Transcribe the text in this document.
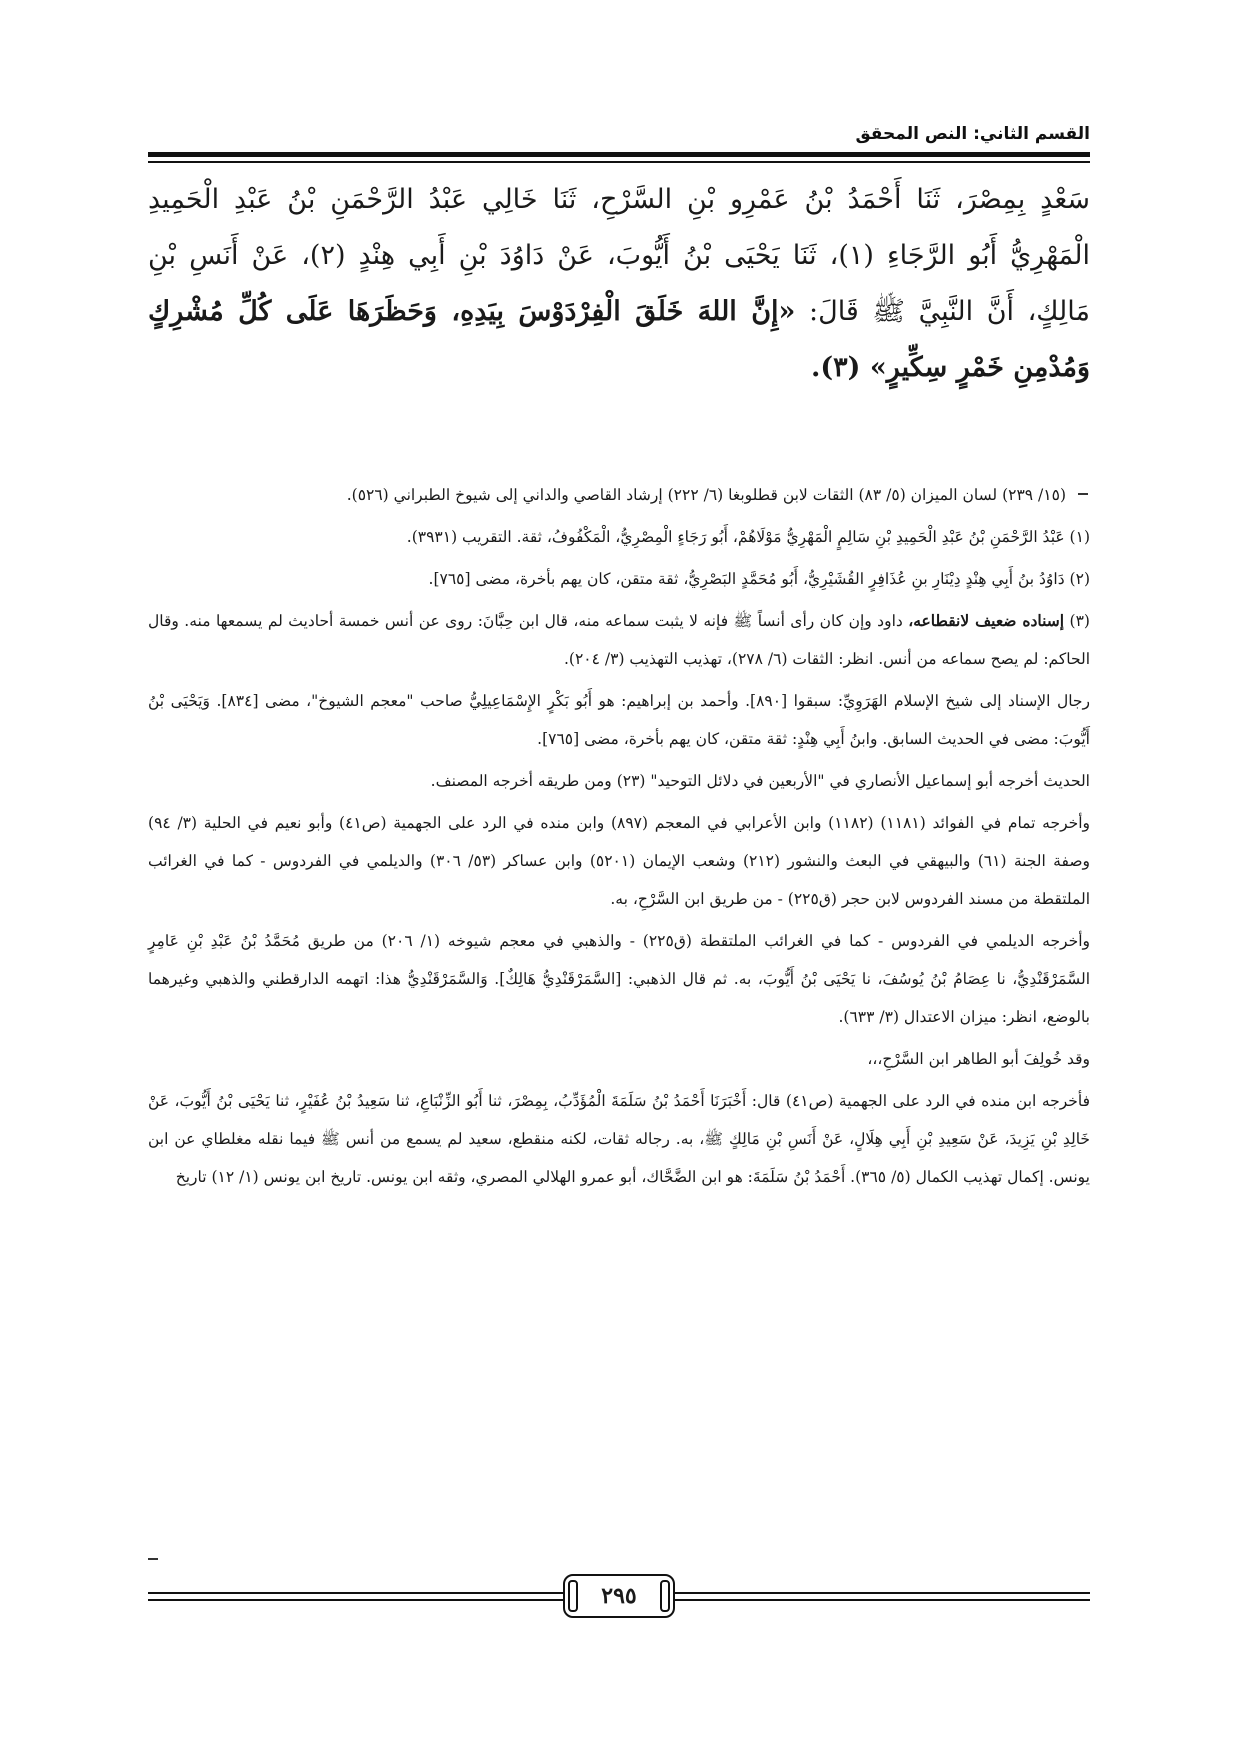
القسم الثاني: النص المحقق

سَعْدٍ بِمِصْرَ، ثَنَا أَحْمَدُ بْنُ عَمْرِو بْنِ السَّرْحِ، ثَنَا خَالِي عَبْدُ الرَّحْمَنِ بْنُ عَبْدِ الْحَمِيدِ الْمَهْرِيُّ أَبُو الرَّجَاءِ (١)، ثَنَا يَحْيَى بْنُ أَيُّوبَ، عَنْ دَاوُدَ بْنِ أَبِي هِنْدٍ (٢)، عَنْ أَنَسِ بْنِ مَالِكٍ، أَنَّ النَّبِيَّ ﷺ قَالَ: «إِنَّ اللهَ خَلَقَ الْفِرْدَوْسَ بِيَدِهِ، وَحَظَرَهَا عَلَى كُلِّ مُشْرِكٍ وَمُدْمِنِ خَمْرٍ سِكِّيرٍ» (٣).

(١٥/ ٢٣٩) لسان الميزان (٥/ ٨٣) الثقات لابن قطلوبغا (٦/ ٢٢٢) إرشاد القاصي والداني إلى شيوخ الطبراني (٥٢٦).

(١) عَبْدُ الرَّحْمَنِ بْنُ عَبْدِ الْحَمِيدِ بْنِ سَالِمٍ الْمَهْرِيُّ مَوْلَاهُمْ، أَبُو رَجَاءٍ الْمِصْرِيُّ، الْمَكْفُوفُ، ثقة. التقريب (٣٩٣١).

(٢) دَاوُدُ بنُ أَبِي هِنْدٍ دِيْنَارِ بنِ عُذَافِرٍ القُشَيْرِيُّ، أَبُو مُحَمَّدٍ البَصْرِيُّ، ثقة متقن، كان يهم بأخرة، مضى [٧٦٥].

(٣) إسناده ضعيف لانقطاعه، داود وإن كان رأى أنساً ﷺ فإنه لا يثبت سماعه منه، قال ابن حِبَّانَ: روى عن أنس خمسة أحاديث لم يسمعها منه. وقال الحاكم: لم يصح سماعه من أنس. انظر: الثقات (٦/ ٢٧٨)، تهذيب التهذيب (٣/ ٢٠٤).

رجال الإسناد إلى شيخ الإسلام الهَرَوِيِّ: سبقوا [٨٩٠]. وأحمد بن إبراهيم: هو أَبُو بَكْرٍ الإِسْمَاعِيلِيُّ صاحب "معجم الشيوخ"، مضى [٨٣٤]. وَيَحْيَى بْنُ أَيُّوبَ: مضى في الحديث السابق. وابنُ أَبِي هِنْدٍ: ثقة متقن، كان يهم بأخرة، مضى [٧٦٥].

الحديث أخرجه أبو إسماعيل الأنصاري في "الأربعين في دلائل التوحيد" (٢٣) ومن طريقه أخرجه المصنف.

وأخرجه تمام في الفوائد (١١٨١) (١١٨٢) وابن الأعرابي في المعجم (٨٩٧) وابن منده في الرد على الجهمية (ص٤١) وأبو نعيم في الحلية (٣/ ٩٤) وصفة الجنة (٦١) والبيهقي في البعث والنشور (٢١٢) وشعب الإيمان (٥٢٠١) وابن عساكر (٥٣/ ٣٠٦) والديلمي في الفردوس - كما في الغرائب الملتقطة من مسند الفردوس لابن حجر (ق٢٢٥) - من طريق ابن السَّرْحِ، به.

وأخرجه الديلمي في الفردوس - كما في الغرائب الملتقطة (ق٢٢٥) - والذهبي في معجم شيوخه (١/ ٢٠٦) من طريق مُحَمَّدُ بْنُ عَبْدِ بْنِ عَامِرٍ السَّمَرْقَنْدِيُّ، نا عِصَامُ بْنُ يُوسُفَ، نا يَحْيَى بْنُ أَيُّوبَ، به. ثم قال الذهبي: [السَّمَرْقَنْدِيُّ هَالِكٌ]. وَالسَّمَرْقَنْدِيُّ هذا: اتهمه الدارقطني والذهبي وغيرهما بالوضع، انظر: ميزان الاعتدال (٣/ ٦٣٣).

وقد خُولِفَ أبو الطاهر ابن السَّرْحِ،،،

فأخرجه ابن منده في الرد على الجهمية (ص٤١) قال: أَخْبَرَنَا أَحْمَدُ بْنُ سَلَمَةَ الْمُؤَدِّبُ، بِمِصْرَ، ثنا أَبُو الزِّنْبَاعِ، ثنا سَعِيدُ بْنُ عُفَيْرٍ، ثنا يَحْيَى بْنُ أَيُّوبَ، عَنْ خَالِدِ بْنِ يَزِيدَ، عَنْ سَعِيدِ بْنِ أَبِي هِلَالٍ، عَنْ أَنَسِ بْنِ مَالِكٍ ﷺ، به. رجاله ثقات، لكنه منقطع، سعيد لم يسمع من أنس ﷺ فيما نقله مغلطاي عن ابن يونس. إكمال تهذيب الكمال (٥/ ٣٦٥). أَحْمَدُ بْنُ سَلَمَةَ: هو ابن الضَّحَّاك، أبو عمرو الهلالي المصري، وثقه ابن يونس. تاريخ ابن يونس (١/ ١٢) تاريخ

٢٩٥
